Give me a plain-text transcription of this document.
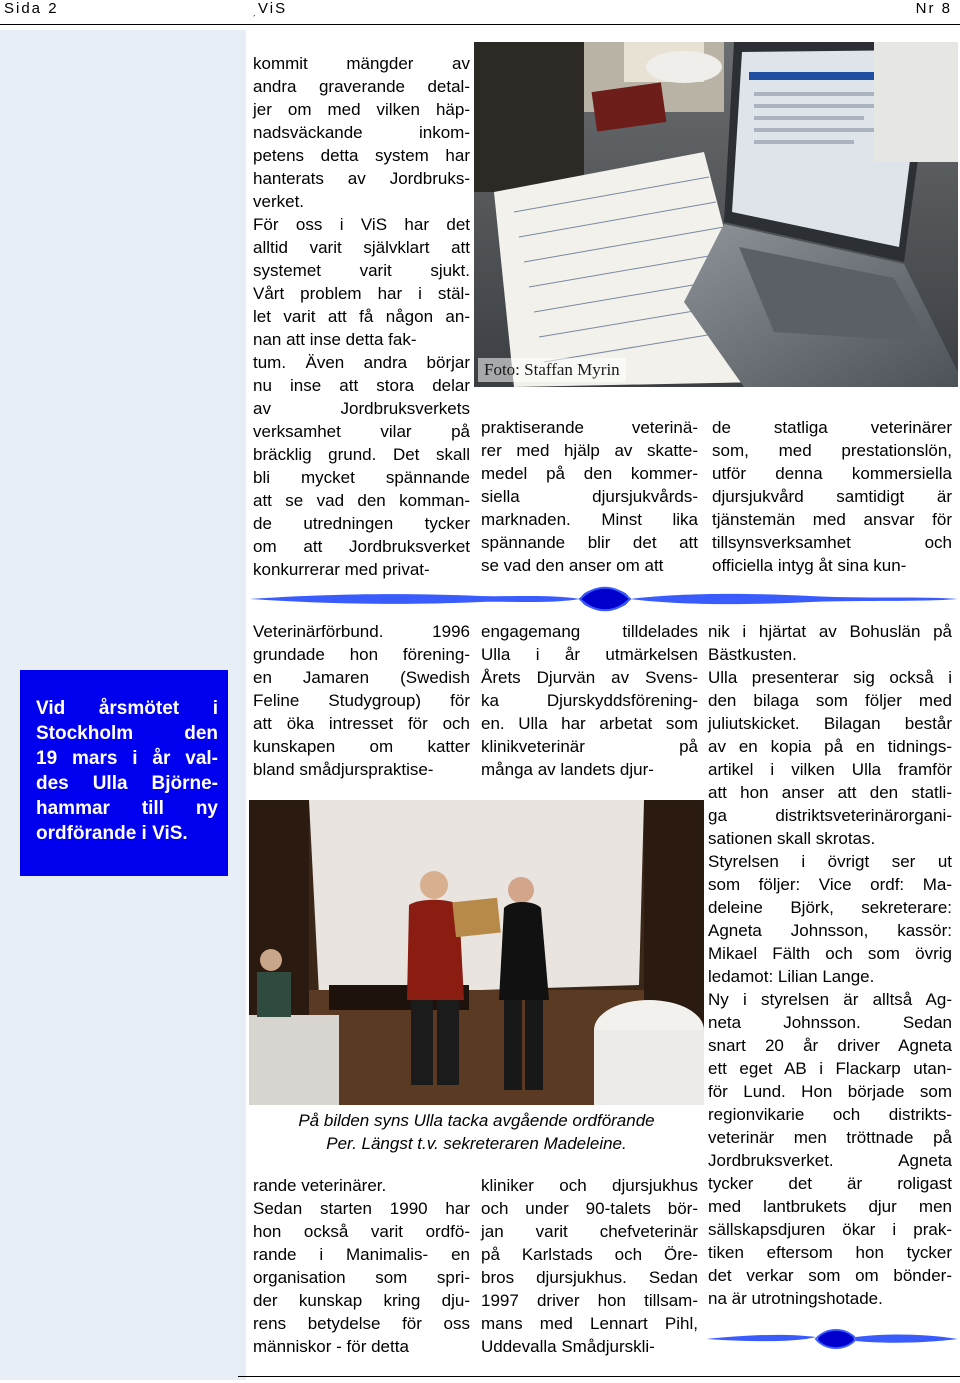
Sida 2	ViS
´
Nr 8
kommit mängder av
andra graverande detal-
jer om med vilken häp-
nadsväckande inkom-
petens detta system har
hanterats av Jordbruks-
verket.
För oss i ViS har det
alltid varit självklart att
systemet varit sjukt.
Vårt problem har i stäl-
let varit att få någon an-
nan att inse detta fak-
tum. Även andra börjar
nu inse att stora delar
av Jordbruksverkets
verksamhet vilar på
bräcklig grund. Det skall
bli mycket spännande
att se vad den komman-
de utredningen tycker
om att Jordbruksverket
konkurrerar med privat-
Foto: Staffan Myrin
praktiserande veterinä-
rer med hjälp av skatte-
medel på den kommer-
siella djursjukvårds-
marknaden. Minst lika
spännande blir det att
se vad den anser om att
de statliga veterinärer
som, med prestationslön,
utför denna kommersiella
djursjukvård samtidigt är
tjänstemän med ansvar för
tillsynsverksamhet och
officiella intyg åt sina kun-
Vid årsmötet i
Stockholm den
19 mars i år val-
des Ulla Björne-
hammar till ny
ordförande i ViS.
Veterinärförbund. 1996
grundade hon förening-
en Jamaren (Swedish
Feline Studygroup) för
att öka intresset för och
kunskapen om katter
bland smådjurspraktise-
engagemang tilldelades
Ulla i år utmärkelsen
Årets Djurvän av Svens-
ka Djurskyddsförening-
en. Ulla har arbetat som
klinikveterinär på
många av landets djur-
nik i hjärtat av Bohuslän på
Bästkusten.
Ulla presenterar sig också i
den bilaga som följer med
juliutskicket. Bilagan består
av en kopia på en tidnings-
artikel i vilken Ulla framför
att hon anser att den statli-
ga distriktsveterinärorgani-
sationen skall skrotas.
Styrelsen i övrigt ser ut
som följer: Vice ordf: Ma-
deleine Björk, sekreterare:
Agneta Johnsson, kassör:
Mikael Fälth och som övrig
ledamot: Lilian Lange.
Ny i styrelsen är alltså Ag-
neta Johnsson. Sedan
snart 20 år driver Agneta
ett eget AB i Flackarp utan-
för Lund. Hon började som
regionvikarie och distrikts-
veterinär men tröttnade på
Jordbruksverket. Agneta
tycker det är roligast
med lantbrukets djur men
sällskapsdjuren ökar i prak-
tiken eftersom hon tycker
det verkar som om bönder-
na är utrotningshotade.
På bilden syns Ulla tacka avgående ordförande
Per. Längst t.v. sekreteraren Madeleine.
rande veterinärer.
Sedan starten 1990 har
hon också varit ordfö-
rande i Manimalis- en
organisation som spri-
der kunskap kring dju-
rens betydelse för oss
människor - för detta
kliniker och djursjukhus
och under 90-talets bör-
jan varit chefveterinär
på Karlstads och Öre-
bros djursjukhus. Sedan
1997 driver hon tillsam-
mans med Lennart Pihl,
Uddevalla Smådjurskli-
